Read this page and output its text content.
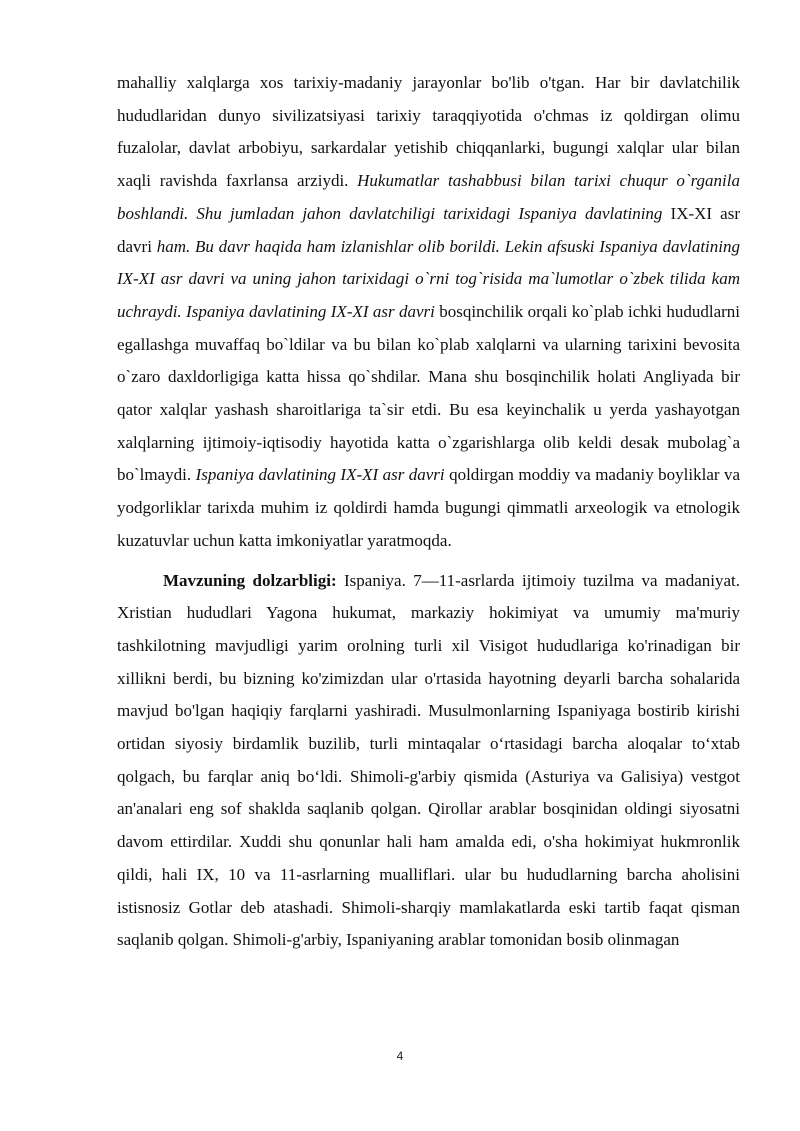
mahalliy xalqlarga xos tarixiy-madaniy jarayonlar bo'lib o'tgan. Har bir davlatchilik hududlaridan dunyo sivilizatsiyasi tarixiy taraqqiyotida o'chmas iz qoldirgan olimu fuzalolar, davlat arbobiyu, sarkardalar yetishib chiqqanlarki, bugungi xalqlar ular bilan xaqli ravishda faxrlansa arziydi. Hukumatlar tashabbusi bilan tarixi chuqur o`rganila boshlandi. Shu jumladan jahon davlatchiligi tarixidagi Ispaniya davlatining IX-XI asr davri ham. Bu davr haqida ham izlanishlar olib borildi. Lekin afsuski Ispaniya davlatining IX-XI asr davri va uning jahon tarixidagi o`rni tog`risida ma`lumotlar o`zbek tilida kam uchraydi. Ispaniya davlatining IX-XI asr davri bosqinchilik orqali ko`plab ichki hududlarni egallashga muvaffaq bo`ldilar va bu bilan ko`plab xalqlarni va ularning tarixini bevosita o`zaro daxldorligiga katta hissa qo`shdilar. Mana shu bosqinchilik holati Angliyada bir qator xalqlar yashash sharoitlariga ta`sir etdi. Bu esa keyinchalik u yerda yashayotgan xalqlarning ijtimoiy-iqtisodiy hayotida katta o`zgarishlarga olib keldi desak mubolag`a bo`lmaydi. Ispaniya davlatining IX-XI asr davri qoldirgan moddiy va madaniy boyliklar va yodgorliklar tarixda muhim iz qoldirdi hamda bugungi qimmatli arxeologik va etnologik kuzatuvlar uchun katta imkoniyatlar yaratmoqda.

Mavzuning dolzarbligi: Ispaniya. 7—11-asrlarda ijtimoiy tuzilma va madaniyat. Xristian hududlari Yagona hukumat, markaziy hokimiyat va umumiy ma'muriy tashkilotning mavjudligi yarim orolning turli xil Visigot hududlariga ko'rinadigan bir xillikni berdi, bu bizning ko'zimizdan ular o'rtasida hayotning deyarli barcha sohalarida mavjud bo'lgan haqiqiy farqlarni yashiradi. Musulmonlarning Ispaniyaga bostirib kirishi ortidan siyosiy birdamlik buzilib, turli mintaqalar o‘rtasidagi barcha aloqalar to‘xtab qolgach, bu farqlar aniq bo‘ldi. Shimoli-g'arbiy qismida (Asturiya va Galisiya) vestgot an'analari eng sof shaklda saqlanib qolgan. Qirollar arablar bosqinidan oldingi siyosatni davom ettirdilar. Xuddi shu qonunlar hali ham amalda edi, o'sha hokimiyat hukmronlik qildi, hali IX, 10 va 11-asrlarning mualliflari. ular bu hududlarning barcha aholisini istisnosiz Gotlar deb atashadi. Shimoli-sharqiy mamlakatlarda eski tartib faqat qisman saqlanib qolgan. Shimoli-g'arbiy, Ispaniyaning arablar tomonidan bosib olinmagan

4
